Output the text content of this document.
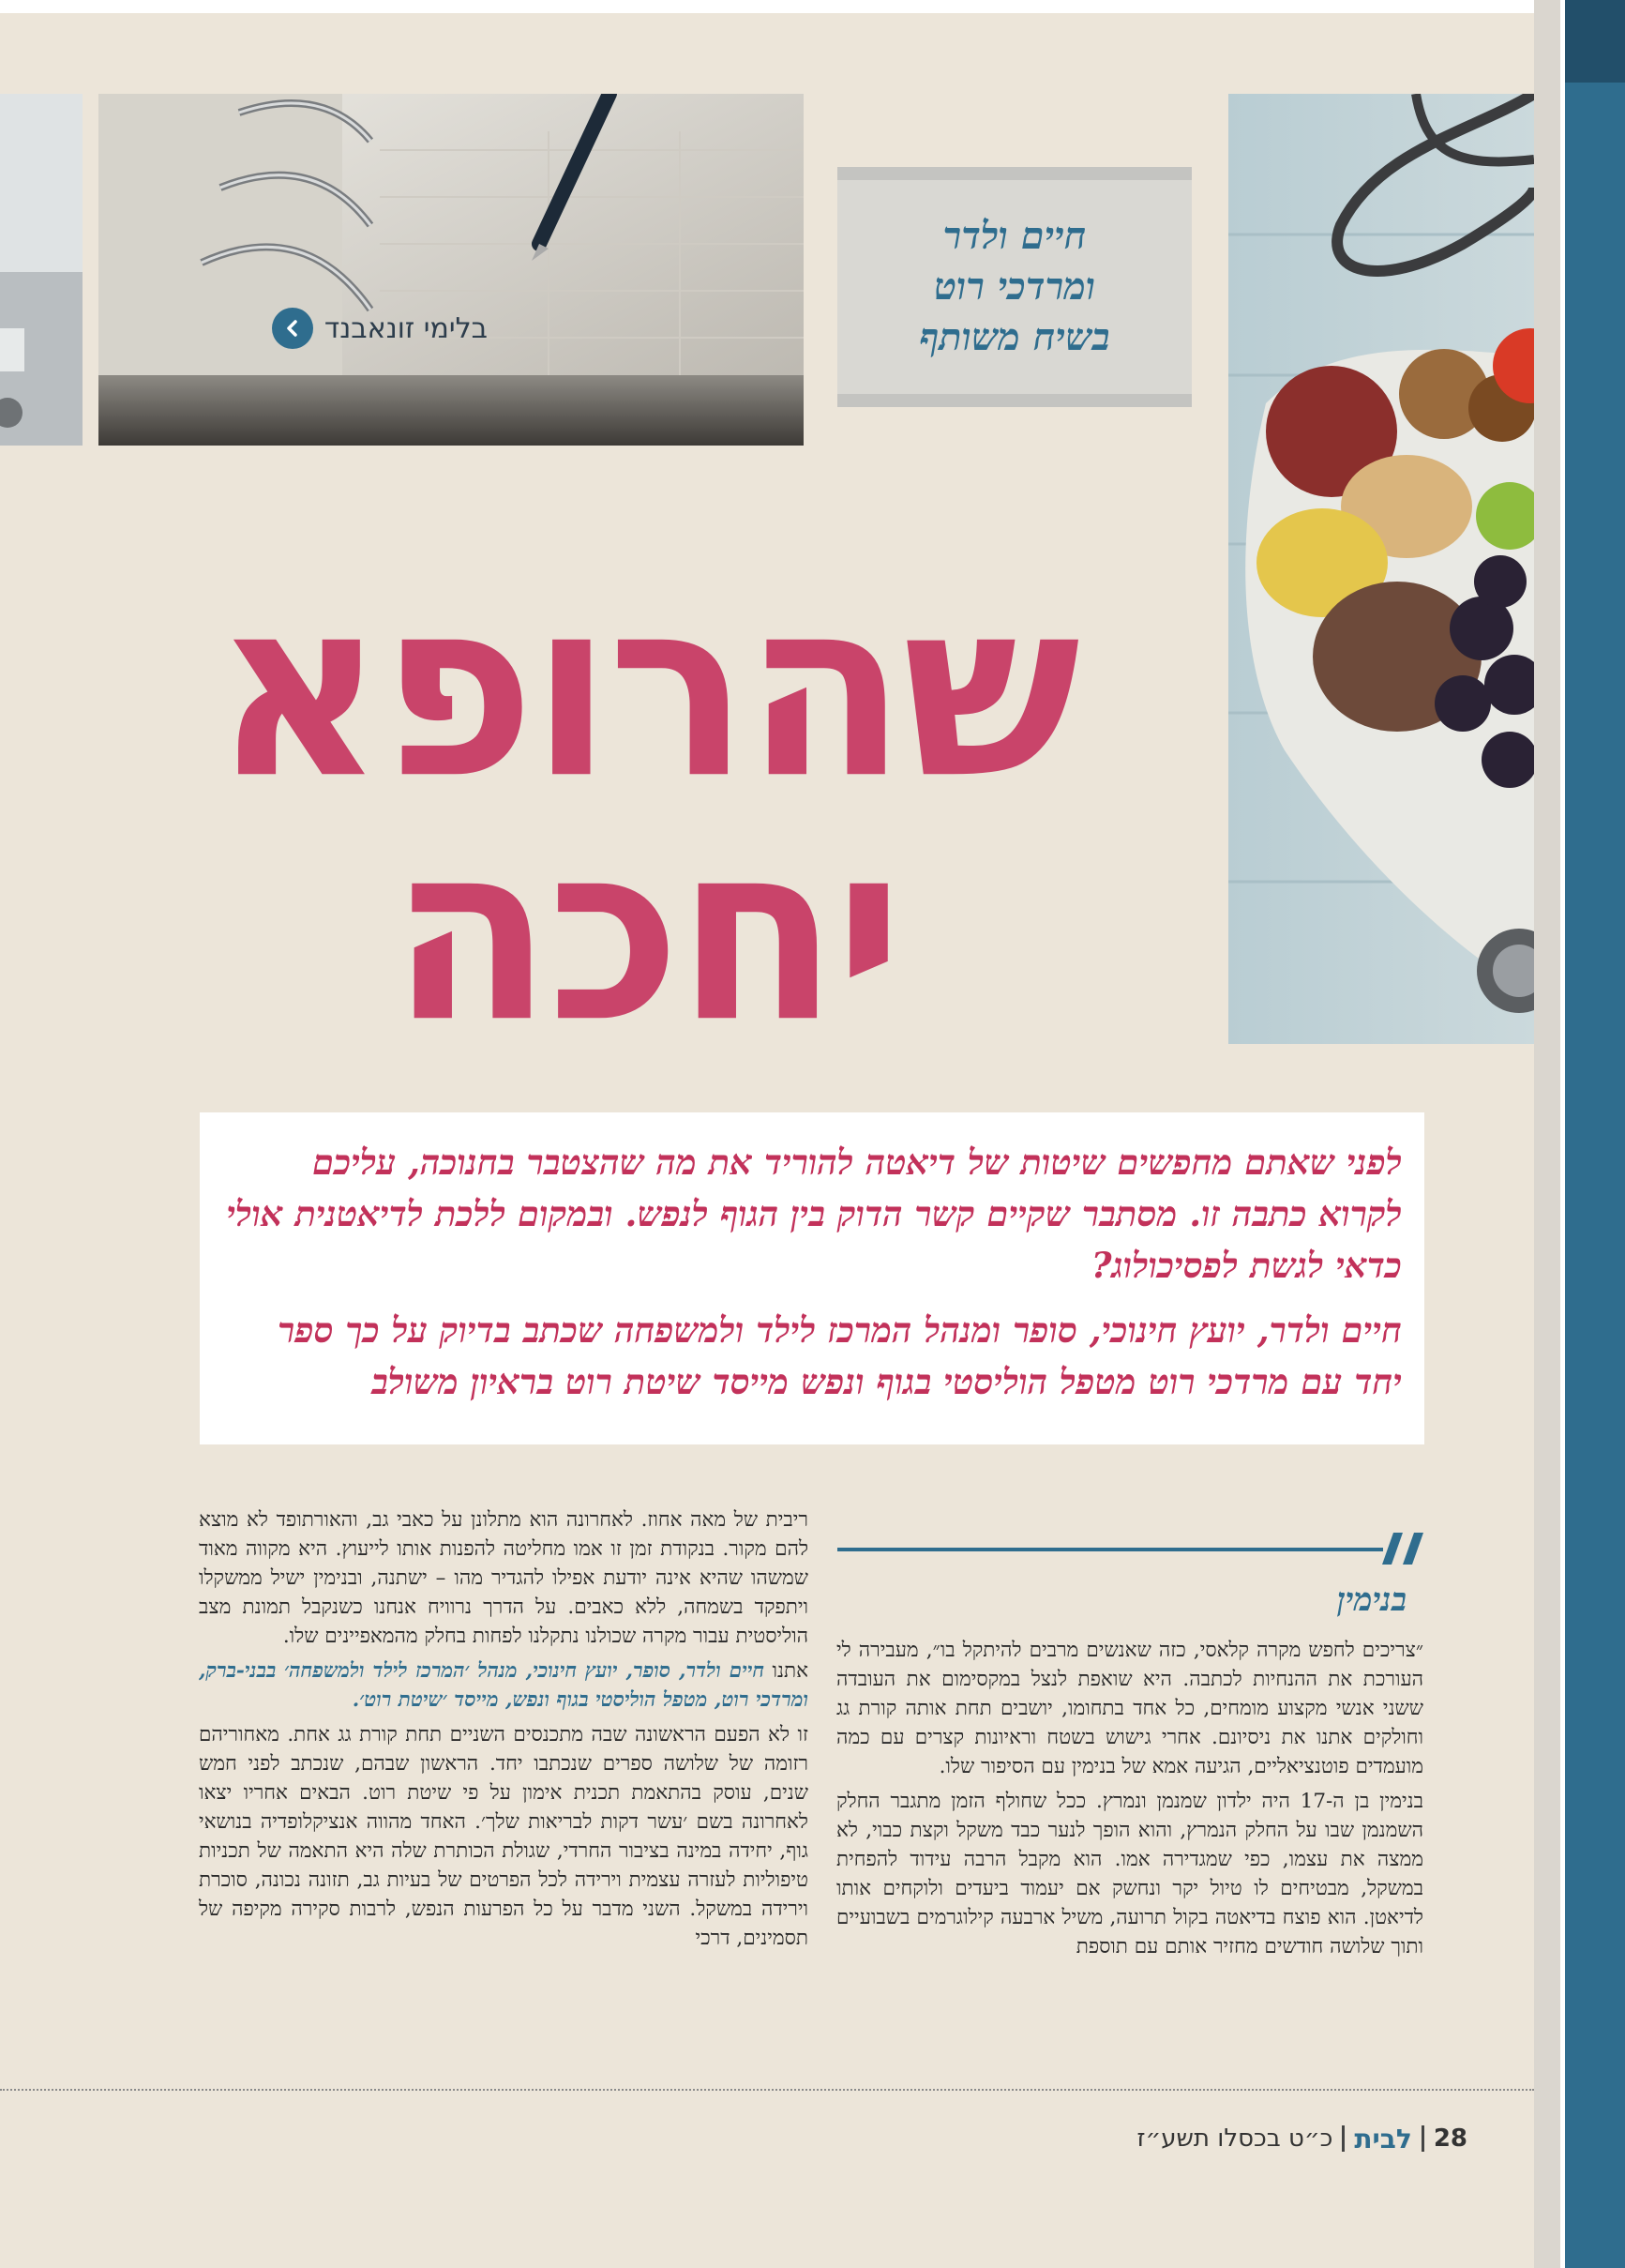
בלימי זונאבנד
חיים ולדר
ומרדכי רוט
בשיח משותף
שהרופא
יחכה

לפני שאתם מחפשים שיטות של דיאטה להוריד את מה שהצטבר בחנוכה, עליכם לקרוא כתבה זו. מסתבר שקיים קשר הדוק בין הגוף לנפש. ובמקום ללכת לדיאטנית אולי כדאי לגשת לפסיכולוג?

חיים ולדר, יועץ חינוכי, סופר ומנהל המרכז לילד ולמשפחה שכתב בדיוק על כך ספר יחד עם מרדכי רוט מטפל הוליסטי בגוף ונפש מייסד שיטת רוט בראיון משולב

בנימין

״צריכים לחפש מקרה קלאסי, כזה שאנשים מרבים להיתקל בו״, מעבירה לי העורכת את ההנחיות לכתבה. היא שואפת לנצל במקסימום את העובדה ששני אנשי מקצוע מומחים, כל אחד בתחומו, יושבים תחת אותה קורת גג וחולקים אתנו את ניסיונם. אחרי גישוש בשטח וראיונות קצרים עם כמה מועמדים פוטנציאליים, הגיעה אמא של בנימין עם הסיפור שלו.

בנימין בן ה-17 היה ילדון שמנמן ונמרץ. ככל שחולף הזמן מתגבר החלק השמנמן שבו על החלק הנמרץ, והוא הופך לנער כבד משקל וקצת כבוי, לא ממצה את עצמו, כפי שמגדירה אמו. הוא מקבל הרבה עידוד להפחית במשקל, מבטיחים לו טיול יקר ונחשק אם יעמוד ביעדים ולוקחים אותו לדיאטן. הוא פוצח בדיאטה בקול תרועה, משיל ארבעה קילוגרמים בשבועיים ותוך שלושה חודשים מחזיר אותם עם תוספת

ריבית של מאה אחוז. לאחרונה הוא מתלונן על כאבי גב, והאורתופד לא מוצא להם מקור. בנקודת זמן זו אמו מחליטה להפנות אותו לייעוץ. היא מקווה מאוד שמשהו שהיא אינה יודעת אפילו להגדיר מהו – ישתנה, ובנימין ישיל ממשקלו ויתפקד בשמחה, ללא כאבים. על הדרך נרוויח אנחנו כשנקבל תמונת מצב הוליסטית עבור מקרה שכולנו נתקלנו לפחות בחלק מהמאפיינים שלו.

אתנו חיים ולדר, סופר, יועץ חינוכי, מנהל ׳המרכז לילד ולמשפחה׳ בבני-ברק, ומרדכי רוט, מטפל הוליסטי בגוף ונפש, מייסד ׳שיטת רוט׳.

זו לא הפעם הראשונה שבה מתכנסים השניים תחת קורת גג אחת. מאחוריהם רזומה של שלושה ספרים שנכתבו יחד. הראשון שבהם, שנכתב לפני חמש שנים, עוסק בהתאמת תכנית אימון על פי שיטת רוט. הבאים אחריו יצאו לאחרונה בשם ׳עשר דקות לבריאות שלך׳. האחד מהווה אנציקלופדיה בנושאי גוף, יחידה במינה בציבור החרדי, שגולת הכותרת שלה היא התאמה של תכניות טיפוליות לעזרה עצמית וירידה לכל הפרטים של בעיות גב, תזונה נכונה, סוכרת וירידה במשקל. השני מדבר על כל הפרעות הנפש, לרבות סקירה מקיפה של תסמינים, דרכי

28
לבית
כ״ט בכסלו תשע״ז
